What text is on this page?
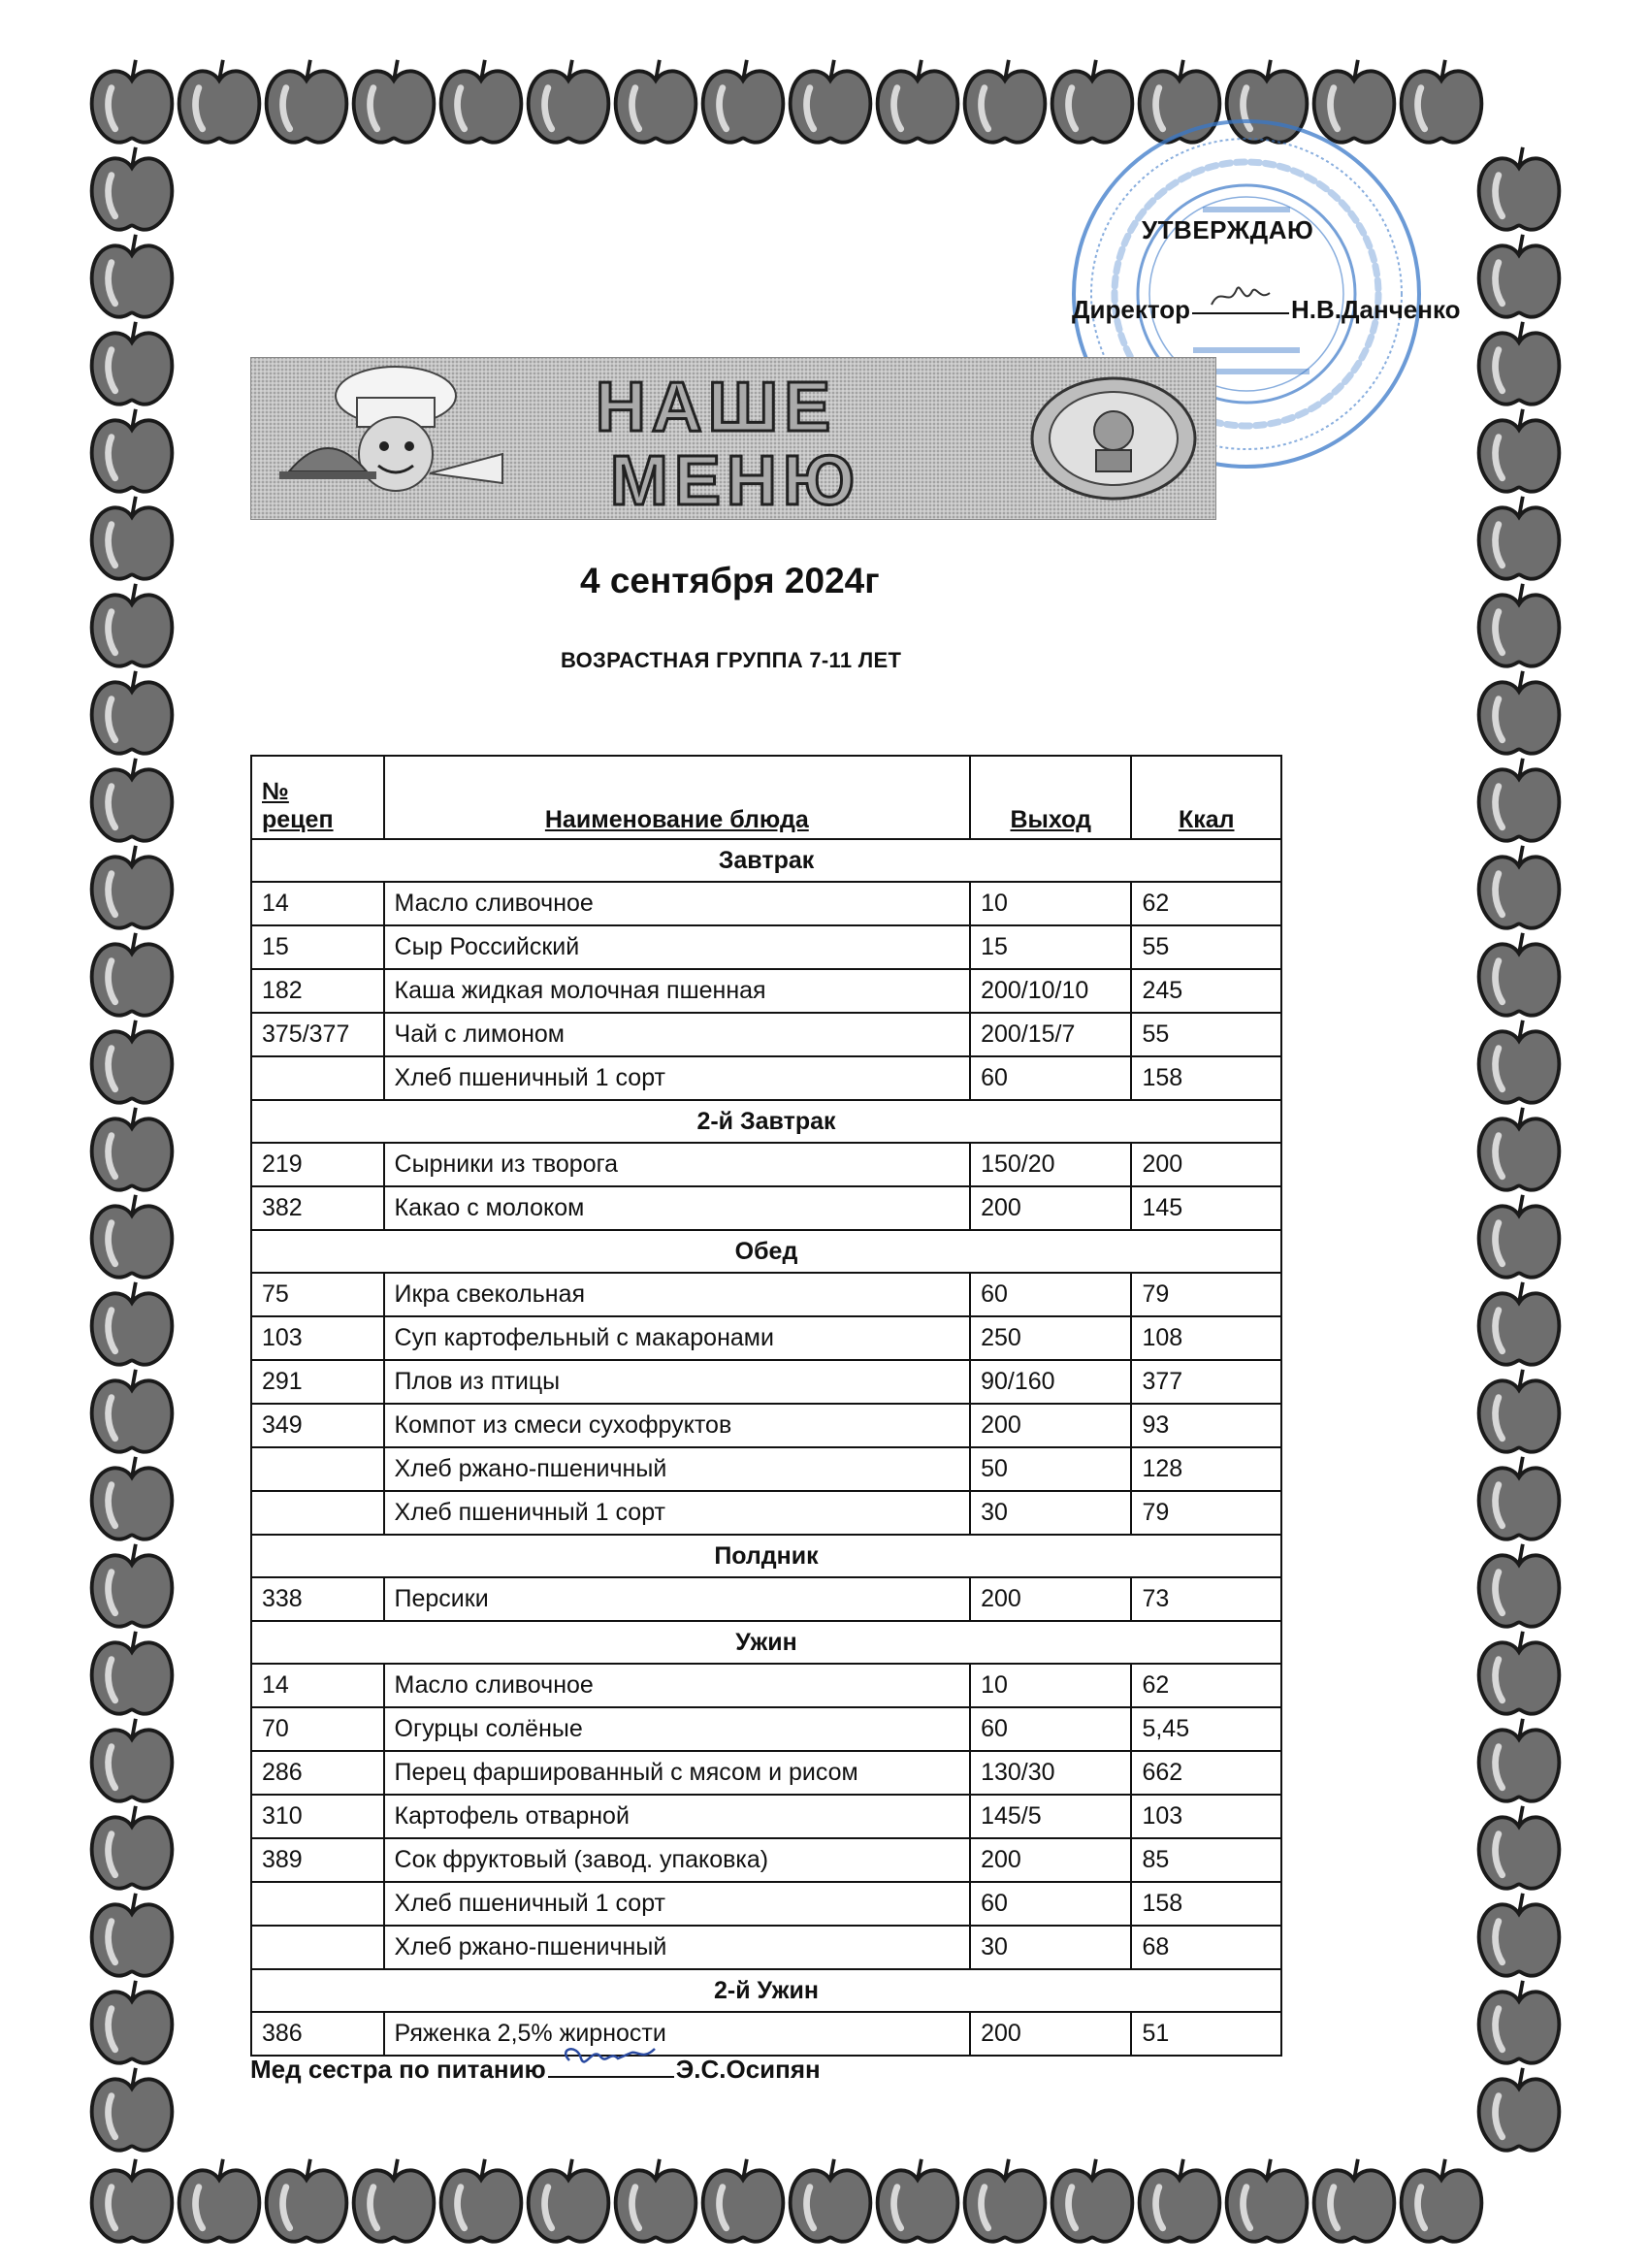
УТВЕРЖДАЮ
Директор	Н.В.Данченко
НАШЕ
МЕНЮ
4 сентября 2024г
ВОЗРАСТНАЯ ГРУППА 7-11 ЛЕТ
№
рецеп	Наименование блюда	Выход	Ккал
Завтрак			
14	Масло сливочное	10	62
15	Сыр Российский	15	55
182	Каша жидкая молочная пшенная	200/10/10	245
375/377	Чай с лимоном	200/15/7	55
	Хлеб пшеничный 1 сорт	60	158
2-й Завтрак			
219	Сырники из творога	150/20	200
382	Какао с молоком	200	145
Обед			
75	Икра свекольная	60	79
103	Суп картофельный с макаронами	250	108
291	Плов из птицы	90/160	377
349	Компот из смеси сухофруктов	200	93
	Хлеб ржано-пшеничный	50	128
	Хлеб пшеничный 1 сорт	30	79
Полдник			
338	Персики	200	73
Ужин			
14	Масло сливочное	10	62
70	Огурцы солёные	60	5,45
286	Перец фаршированный с мясом и рисом	130/30	662
310	Картофель отварной	145/5	103
389	Сок фруктовый (завод. упаковка)	200	85
	Хлеб пшеничный 1 сорт	60	158
	Хлеб ржано-пшеничный	30	68
2-й Ужин			
386	Ряженка 2,5% жирности	200	51
Мед сестра по питанию	Э.С.Осипян
